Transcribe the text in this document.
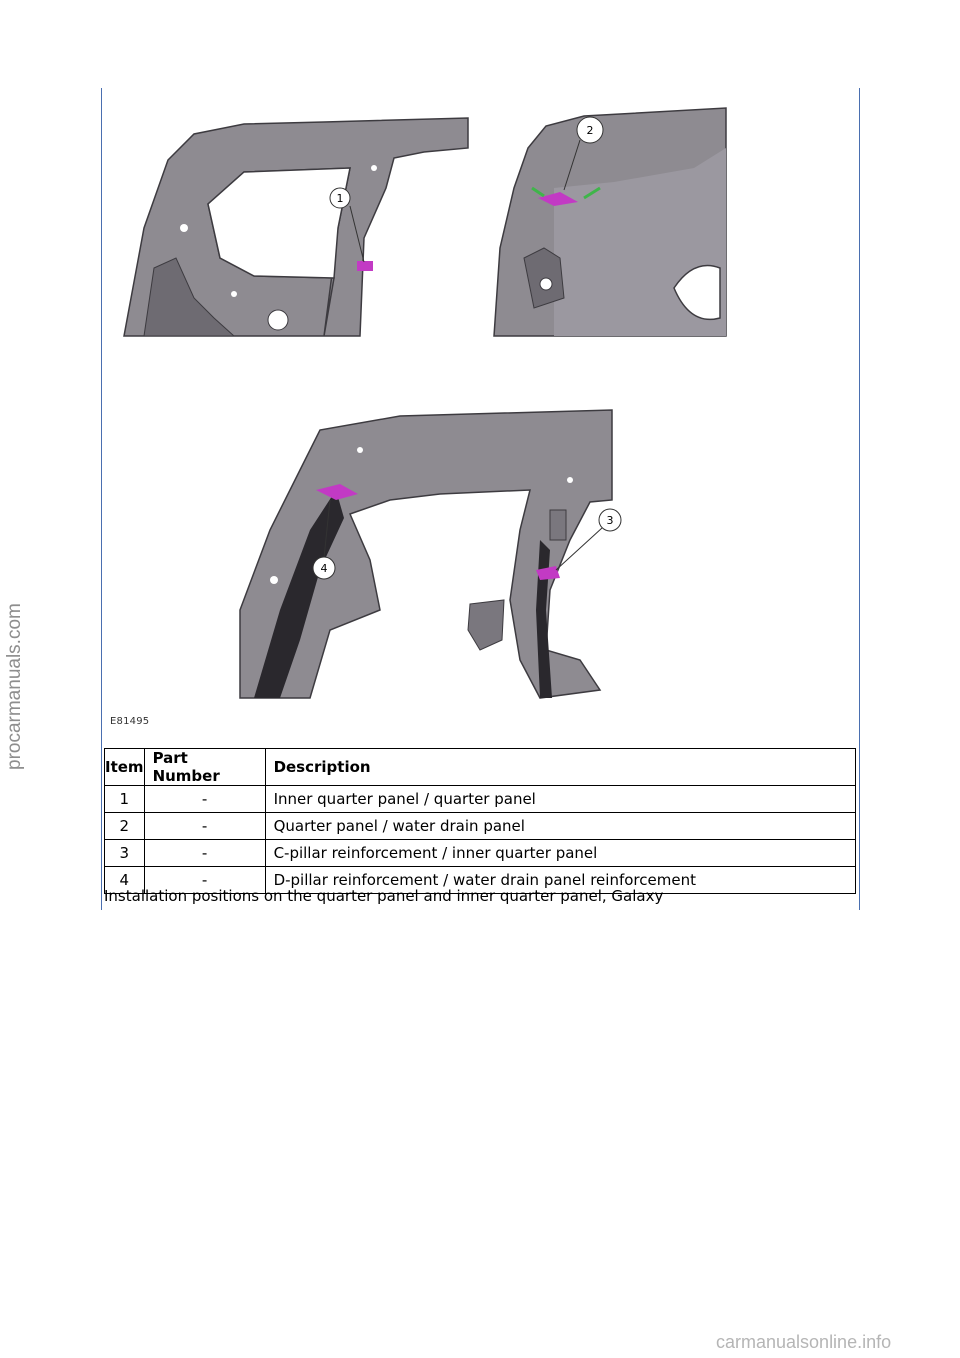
1
2
4
3
E81495
Item	Part Number	Description
1	-	Inner quarter panel / quarter panel
2	-	Quarter panel / water drain panel
3	-	C-pillar reinforcement / inner quarter panel
4	-	D-pillar reinforcement / water drain panel reinforcement
Installation positions on the quarter panel and inner quarter panel, Galaxy
procarmanuals.com
carmanualsonline.info
